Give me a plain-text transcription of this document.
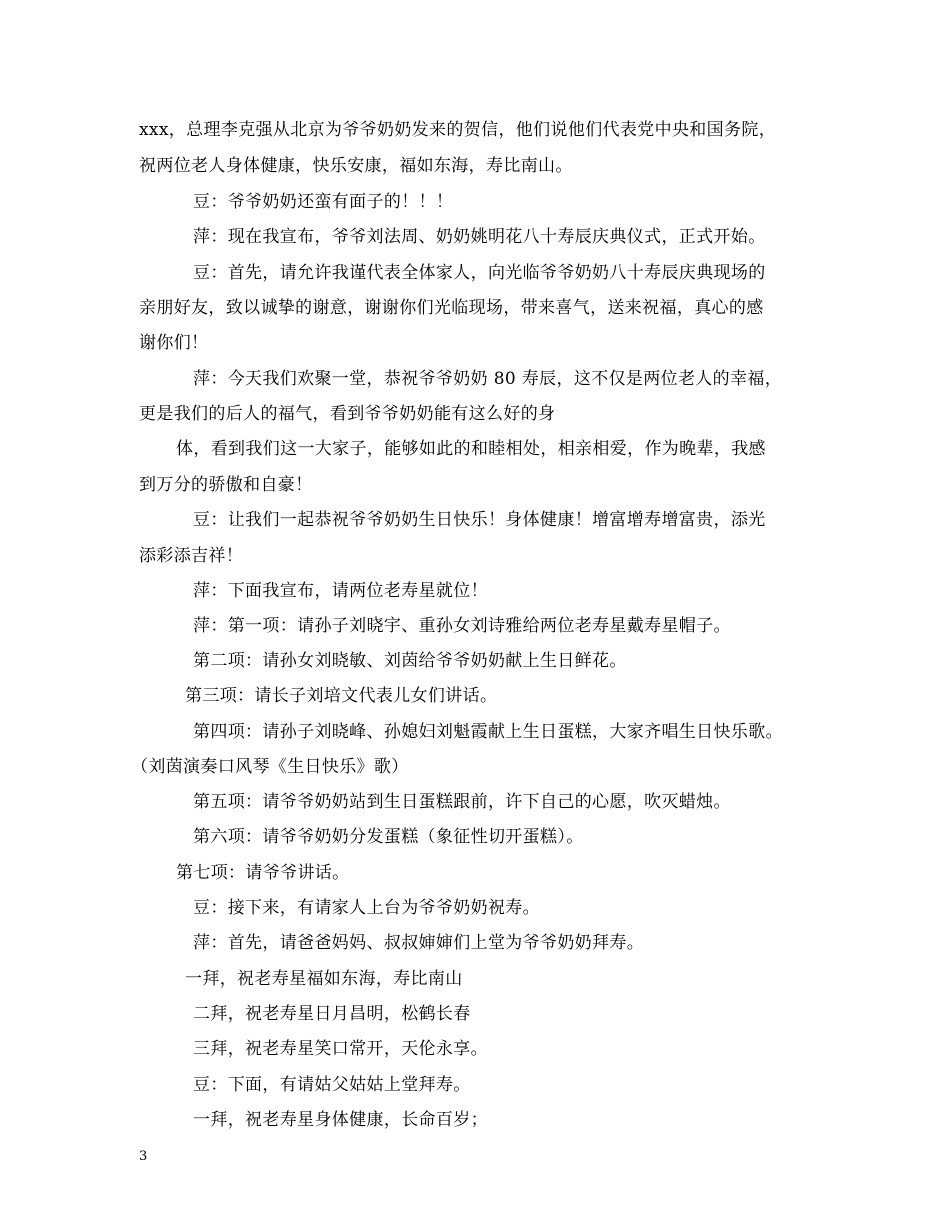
xxx，总理李克强从北京为爷爷奶奶发来的贺信，他们说他们代表党中央和国务院，
祝两位老人身体健康，快乐安康，福如东海，寿比南山。
豆：爷爷奶奶还蛮有面子的！！！
萍：现在我宣布，爷爷刘法周、奶奶姚明花八十寿辰庆典仪式，正式开始。
豆：首先，请允许我谨代表全体家人，向光临爷爷奶奶八十寿辰庆典现场的
亲朋好友，致以诚挚的谢意，谢谢你们光临现场，带来喜气，送来祝福，真心的感
谢你们！
萍：今天我们欢聚一堂，恭祝爷爷奶奶 80 寿辰，这不仅是两位老人的幸福，
更是我们的后人的福气，看到爷爷奶奶能有这么好的身
体，看到我们这一大家子，能够如此的和睦相处，相亲相爱，作为晚辈，我感
到万分的骄傲和自豪！
豆：让我们一起恭祝爷爷奶奶生日快乐！身体健康！增富增寿增富贵，添光
添彩添吉祥！
萍：下面我宣布，请两位老寿星就位！
萍：第一项：请孙子刘晓宇、重孙女刘诗雅给两位老寿星戴寿星帽子。
第二项：请孙女刘晓敏、刘茵给爷爷奶奶献上生日鲜花。
第三项：请长子刘培文代表儿女们讲话。
第四项：请孙子刘晓峰、孙媳妇刘魁霞献上生日蛋糕，大家齐唱生日快乐歌。
（刘茵演奏口风琴《生日快乐》歌）
第五项：请爷爷奶奶站到生日蛋糕跟前，许下自己的心愿，吹灭蜡烛。
第六项：请爷爷奶奶分发蛋糕（象征性切开蛋糕）。
第七项：请爷爷讲话。
豆：接下来，有请家人上台为爷爷奶奶祝寿。
萍：首先，请爸爸妈妈、叔叔婶婶们上堂为爷爷奶奶拜寿。
一拜，祝老寿星福如东海，寿比南山
二拜，祝老寿星日月昌明，松鹤长春
三拜，祝老寿星笑口常开，天伦永享。
豆：下面，有请姑父姑姑上堂拜寿。
一拜，祝老寿星身体健康，长命百岁；
3
